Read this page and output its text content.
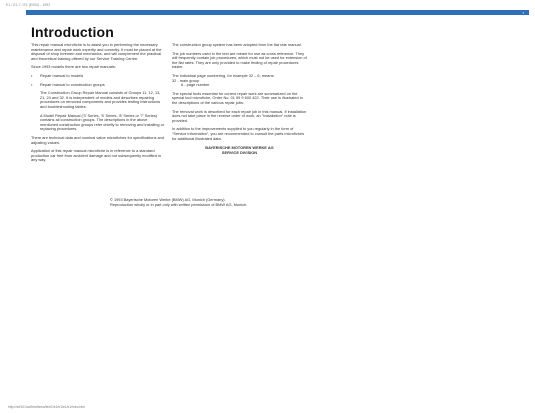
E1 / E1-7 / E1 (E000) - 1992
▪
Introduction

This repair manual microfiche is to assist you in performing the necessary maintenance and repair work expertly and correctly. It must be placed at the disposal of shop foremen and mechanics, and will complement the practical and theoretical training offered by our Service Training Centre.

Since 1993 models there are two repair manuals:

•	Repair manual to models
•	Repair manual to construction groups

The Construction Group Repair Manual consists of Groups 11, 12, 13, 21, 24 and 32. It is independent of models and describes repairing procedures on removed components and provides testing instructions and troubleshooting tables.

A Model Repair Manual ('3' Series, '5' Series, '8' Series or '7' Series) contains all construction groups. The descriptions in the above mentioned construction groups refer chiefly to removing and installing or replacing procedures.

There are technical data and nominal value microfiches for specifications and adjusting values.

Application of this repair manual microfiche is in reference to a standard production car free from accident damage and not subsequently modified in any way.

The construction group system has been adopted from the flat rate manual.

The job numbers used in the text are meant for use as cross reference. They will frequently contain job procedures, which must not be used for extension of the flat rates. They are only provided to make finding of repair procedures easier.

The individual page numbering, for example 32 – 6, means:

32 - main group

6 - page number

The special tools essential for correct repair work are summarized on the special tool microfiche, Order No. 01 59 9 600 422. Their use is illustrated in the descriptions of the various repair jobs.

The removal work is described for each repair job in this manual. If installation does not take place in the reverse order of work, an "Installation" note is provided.

In addition to the improvements supplied to you regularly in the form of "Service Information", you are recommended to consult the parts microfiches for additional illustrated data.

BAYERISCHE MOTOREN WERKE AG

SERVICE DIVISION

© 1993 Bayerische Motoren Werke (BMW) AG, Munich (Germany).

Reproduction wholly or in part only with written permission of BMW AG, Munich.

http://wf/101/cd/htm/bmw/te/e1/e1/e1/e1/e1/intro.htm
